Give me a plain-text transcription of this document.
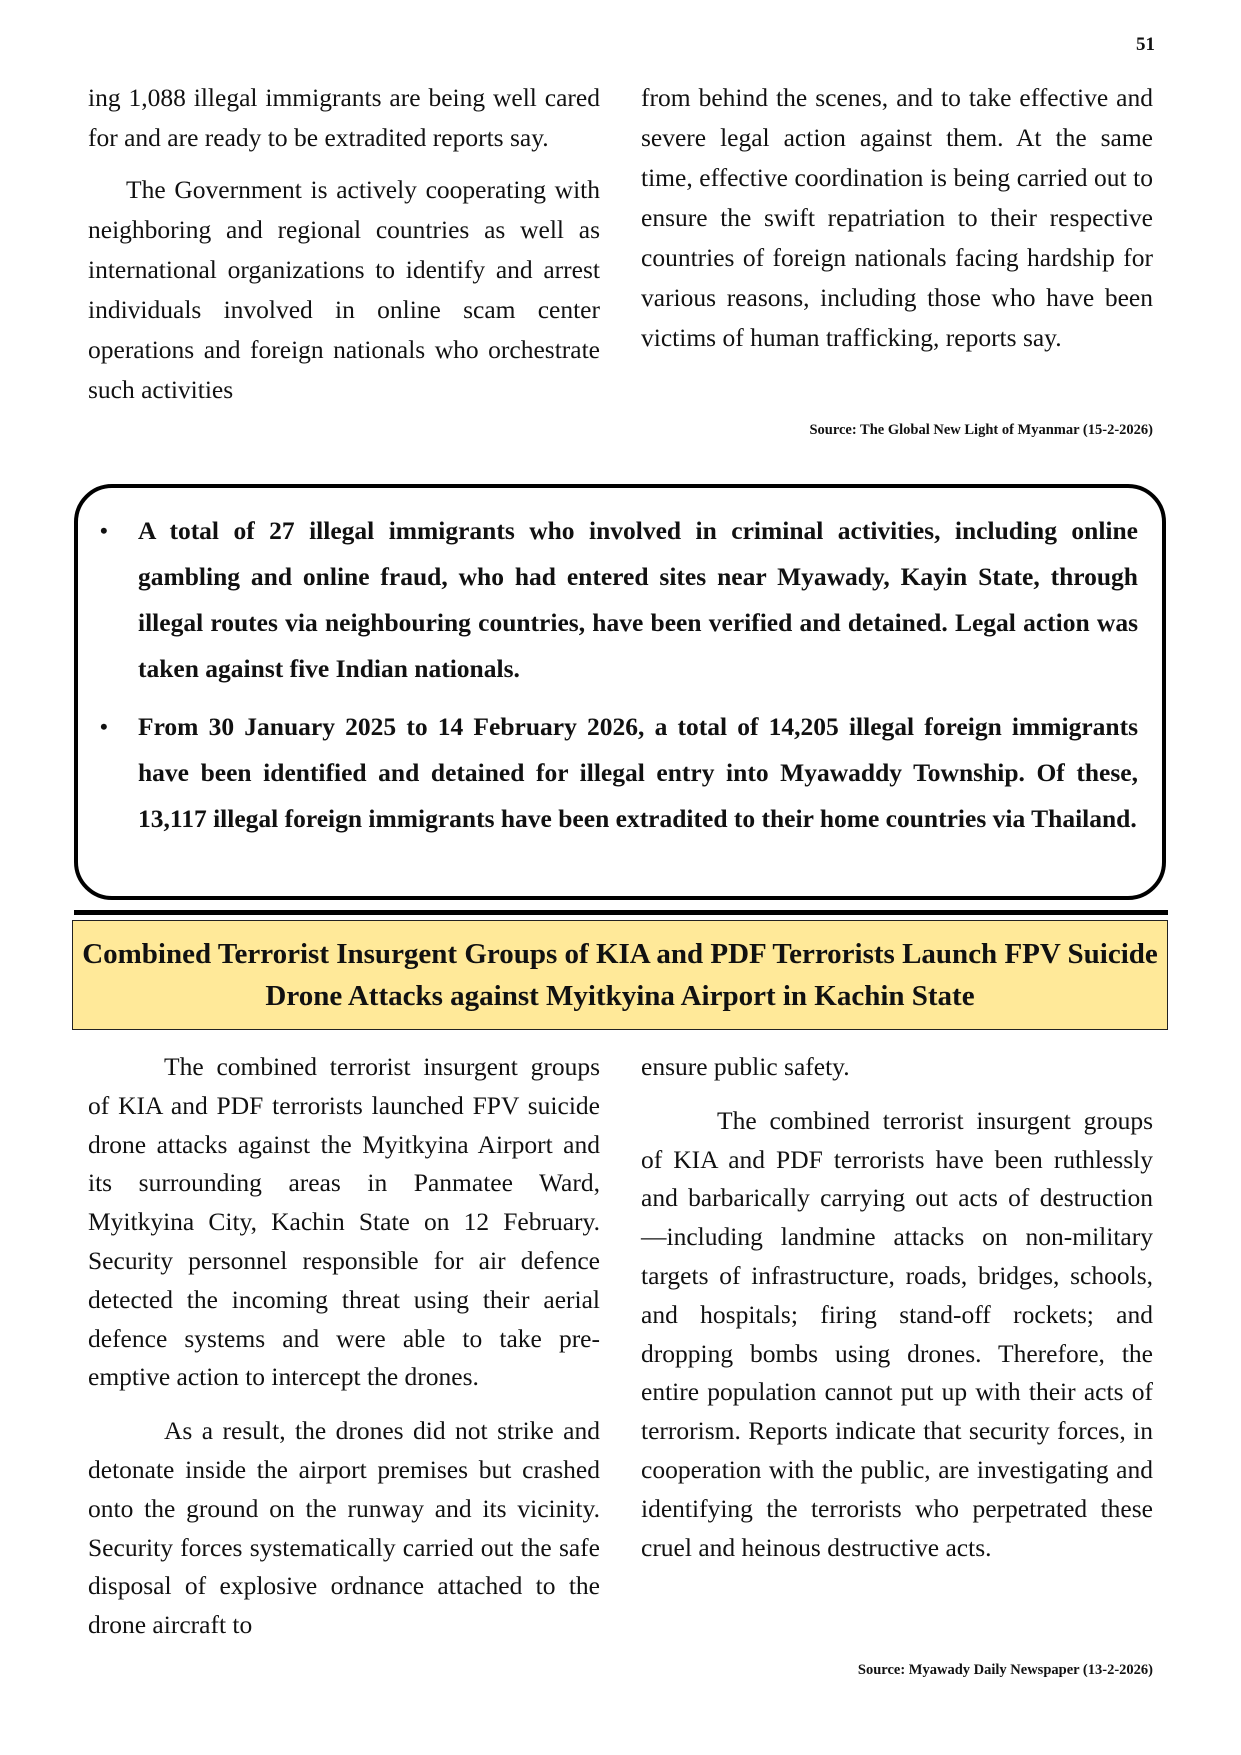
51

ing 1,088 illegal immigrants are being well cared for and are ready to be extradited reports say.

The Government is actively cooperating with neighboring and regional countries as well as international organizations to identify and arrest individuals involved in online scam center operations and foreign nationals who orchestrate such activities

from behind the scenes, and to take effective and severe legal action against them. At the same time, effective coordination is being carried out to ensure the swift repatriation to their respective countries of foreign nationals facing hardship for various reasons, including those who have been victims of human trafficking, reports say.

Source: The Global New Light of Myanmar (15-2-2026)
• A total of 27 illegal immigrants who involved in criminal activities, including online gambling and online fraud, who had entered sites near Myawady, Kayin State, through illegal routes via neighbouring countries, have been verified and detained. Legal action was taken against five Indian nationals.
• From 30 January 2025 to 14 February 2026, a total of 14,205 illegal foreign immigrants have been identified and detained for illegal entry into Myawaddy Township. Of these, 13,117 illegal foreign immigrants have been extradited to their home countries via Thailand.
Combined Terrorist Insurgent Groups of KIA and PDF Terrorists Launch FPV Suicide Drone Attacks against Myitkyina Airport in Kachin State

The combined terrorist insurgent groups of KIA and PDF terrorists launched FPV suicide drone attacks against the Myitkyina Airport and its surrounding areas in Panmatee Ward, Myitkyina City, Kachin State on 12 February. Security personnel responsible for air defence detected the incoming threat using their aerial defence systems and were able to take pre-emptive action to intercept the drones.

As a result, the drones did not strike and detonate inside the airport premises but crashed onto the ground on the runway and its vicinity. Security forces systematically carried out the safe disposal of explosive ordnance attached to the drone aircraft to

ensure public safety.

The combined terrorist insurgent groups of KIA and PDF terrorists have been ruthlessly and barbarically carrying out acts of destruction—including landmine attacks on non-military targets of infrastructure, roads, bridges, schools, and hospitals; firing stand-off rockets; and dropping bombs using drones. Therefore, the entire population cannot put up with their acts of terrorism. Reports indicate that security forces, in cooperation with the public, are investigating and identifying the terrorists who perpetrated these cruel and heinous destructive acts.

Source: Myawady Daily Newspaper (13-2-2026)
